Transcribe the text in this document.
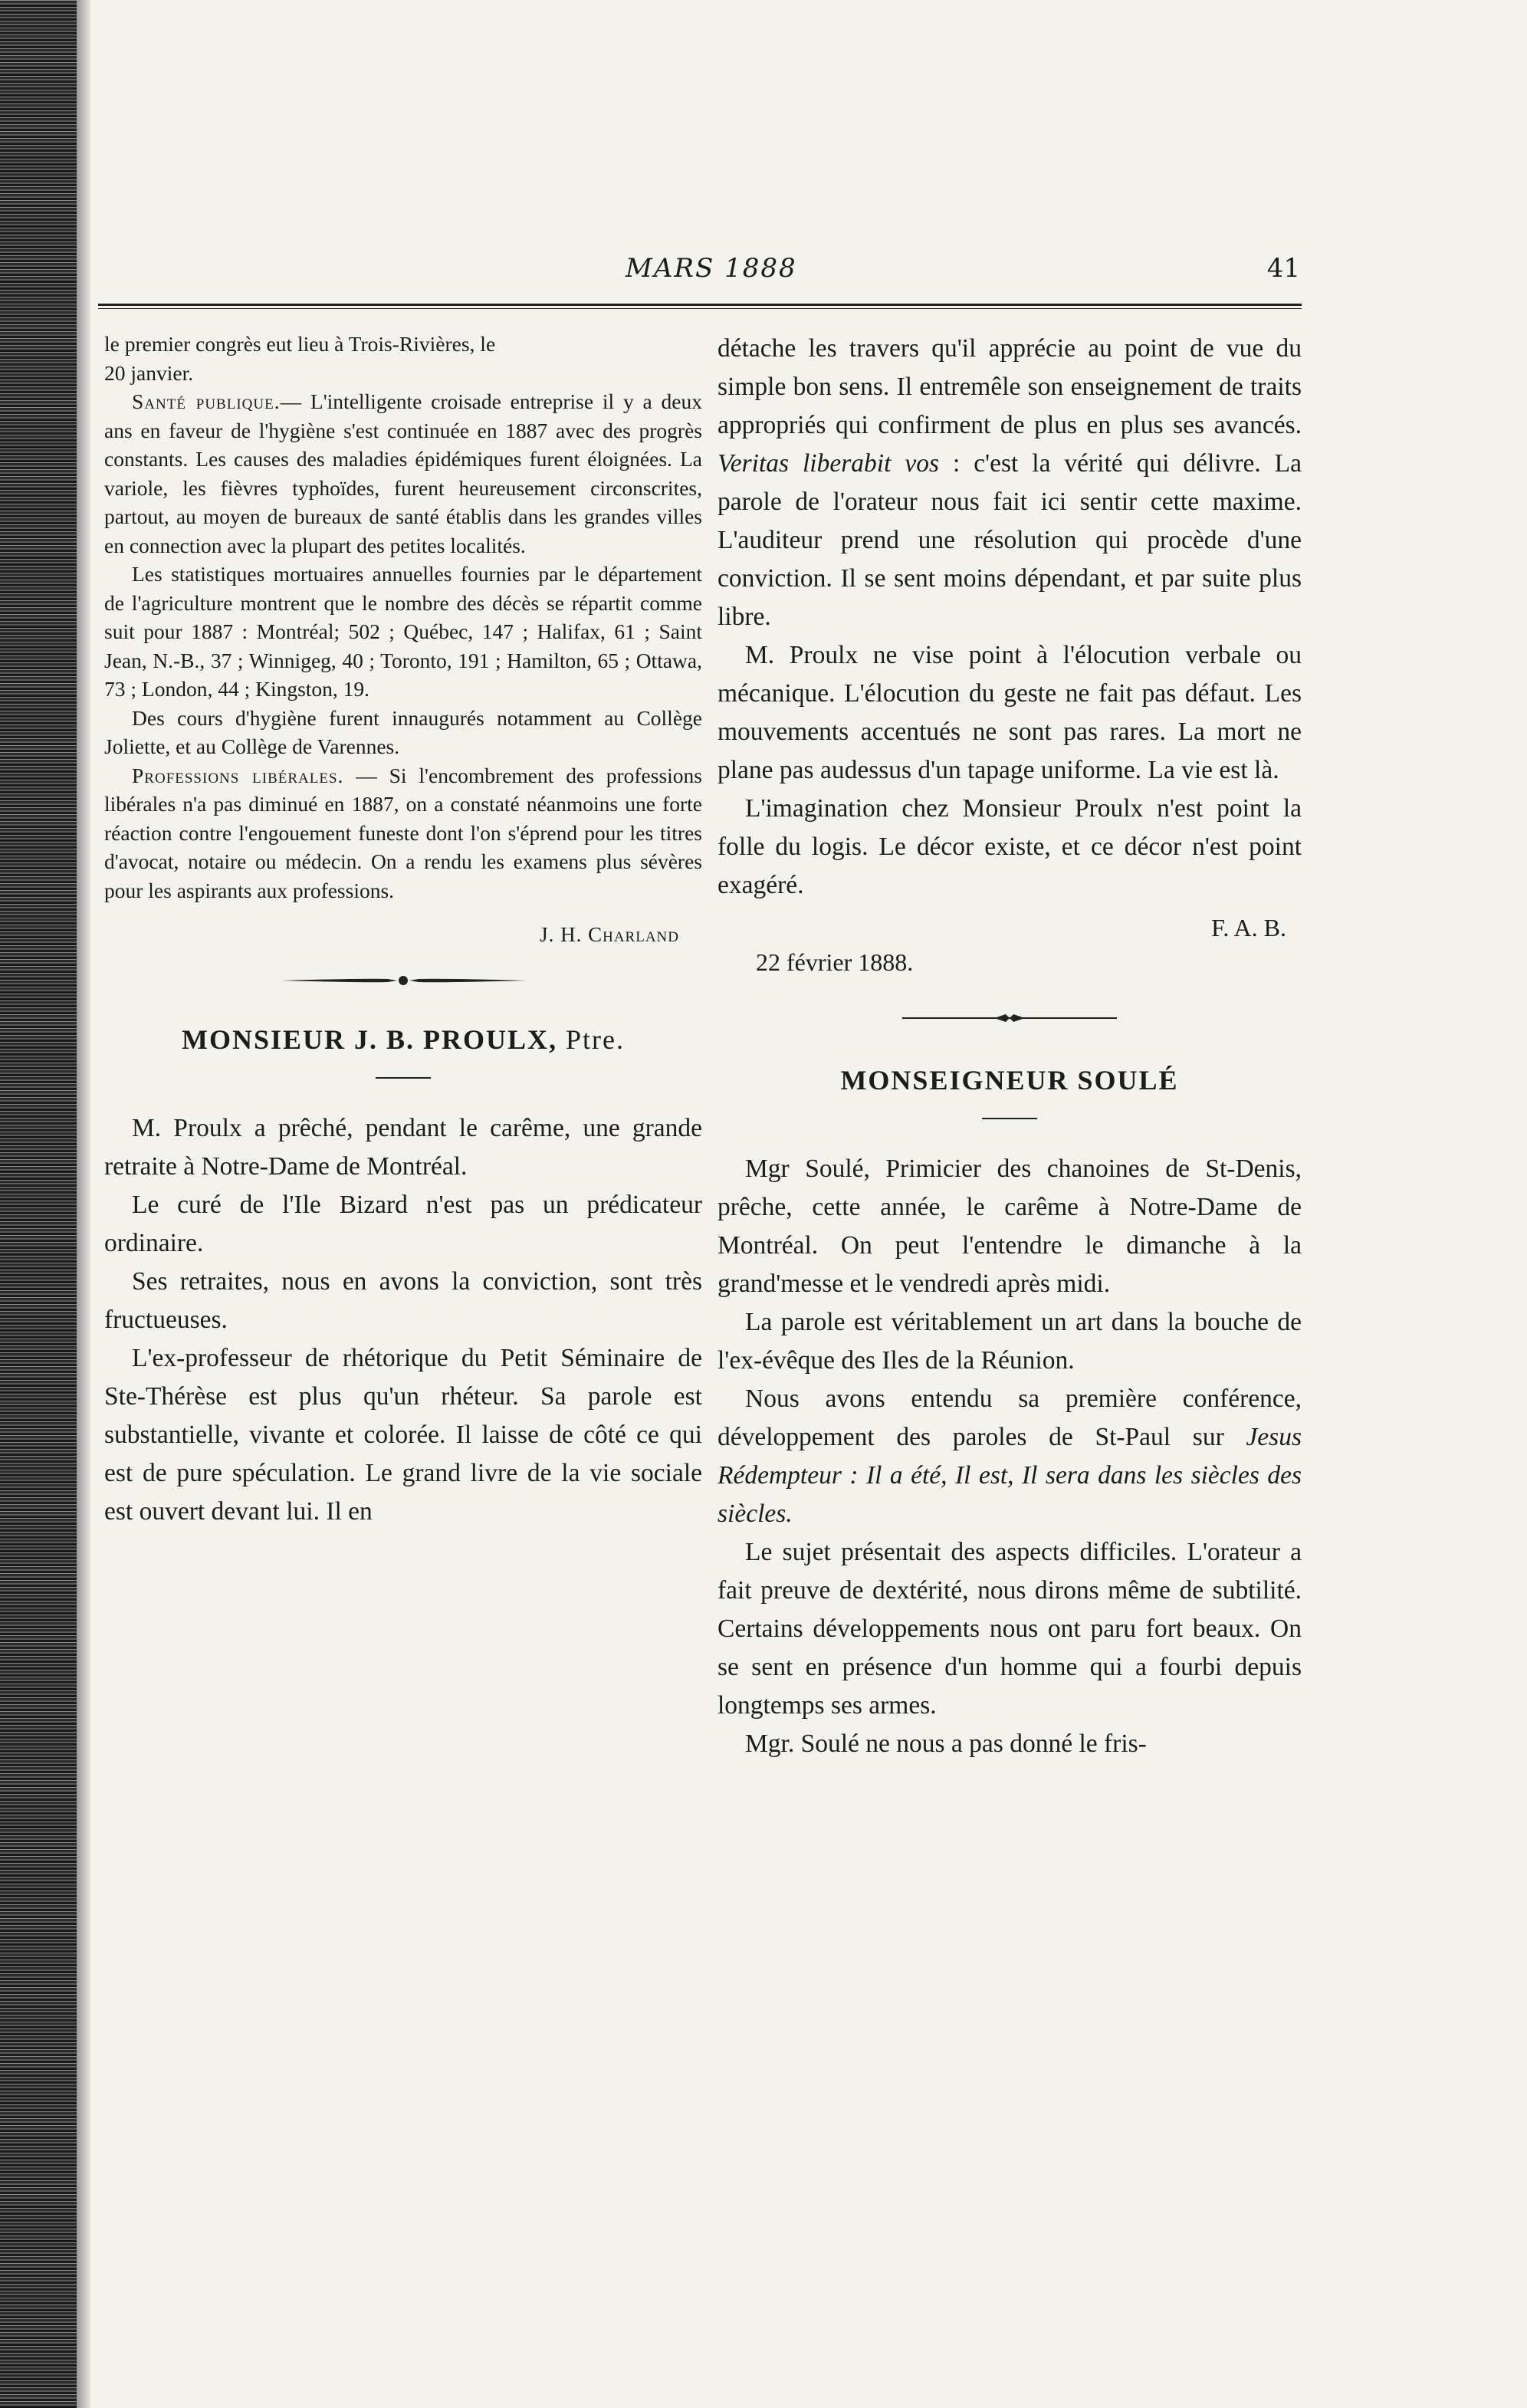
MARS 1888	41

le premier congrès eut lieu à Trois-Rivières, le

20 janvier.

Santé publique.— L'intelligente croisade entreprise il y a deux ans en faveur de l'hygiène s'est continuée en 1887 avec des progrès constants. Les causes des maladies épidémiques furent éloignées. La variole, les fièvres typhoïdes, furent heureusement circonscrites, partout, au moyen de bureaux de santé établis dans les grandes villes en connection avec la plupart des petites localités.

Les statistiques mortuaires annuelles fournies par le département de l'agriculture montrent que le nombre des décès se répartit comme suit pour 1887 : Montréal; 502 ; Québec, 147 ; Halifax, 61 ; Saint Jean, N.-B., 37 ; Winnigeg, 40 ; Toronto, 191 ; Hamilton, 65 ; Ottawa, 73 ; London, 44 ; Kingston, 19.

Des cours d'hygiène furent innaugurés notamment au Collège Joliette, et au Collège de Varennes.

Professions libérales. — Si l'encombrement des professions libérales n'a pas diminué en 1887, on a constaté néanmoins une forte réaction contre l'engouement funeste dont l'on s'éprend pour les titres d'avocat, notaire ou médecin. On a rendu les examens plus sévères pour les aspirants aux professions.

J. H. Charland
MONSIEUR J. B. PROULX, Ptre.

M. Proulx a prêché, pendant le carême, une grande retraite à Notre-Dame de Montréal.

Le curé de l'Ile Bizard n'est pas un prédicateur ordinaire.

Ses retraites, nous en avons la conviction, sont très fructueuses.

L'ex-professeur de rhétorique du Petit Séminaire de Ste-Thérèse est plus qu'un rhéteur. Sa parole est substantielle, vivante et colorée. Il laisse de côté ce qui est de pure spéculation. Le grand livre de la vie sociale est ouvert devant lui. Il en

détache les travers qu'il apprécie au point de vue du simple bon sens. Il entremêle son enseignement de traits appropriés qui confirment de plus en plus ses avancés. Veritas liberabit vos : c'est la vérité qui délivre. La parole de l'orateur nous fait ici sentir cette maxime. L'auditeur prend une résolution qui procède d'une conviction. Il se sent moins dépendant, et par suite plus libre.

M. Proulx ne vise point à l'élocution verbale ou mécanique. L'élocution du geste ne fait pas défaut. Les mouvements accentués ne sont pas rares. La mort ne plane pas audessus d'un tapage uniforme. La vie est là.

L'imagination chez Monsieur Proulx n'est point la folle du logis. Le décor existe, et ce décor n'est point exagéré.

F. A. B.
22 février 1888.
MONSEIGNEUR SOULÉ

Mgr Soulé, Primicier des chanoines de St-Denis, prêche, cette année, le carême à Notre-Dame de Montréal. On peut l'entendre le dimanche à la grand'messe et le vendredi après midi.

La parole est véritablement un art dans la bouche de l'ex-évêque des Iles de la Réunion.

Nous avons entendu sa première conférence, développement des paroles de St-Paul sur Jesus Rédempteur : Il a été, Il est, Il sera dans les siècles des siècles.

Le sujet présentait des aspects difficiles. L'orateur a fait preuve de dextérité, nous dirons même de subtilité. Certains développements nous ont paru fort beaux. On se sent en présence d'un homme qui a fourbi depuis longtemps ses armes.

Mgr. Soulé ne nous a pas donné le fris-
